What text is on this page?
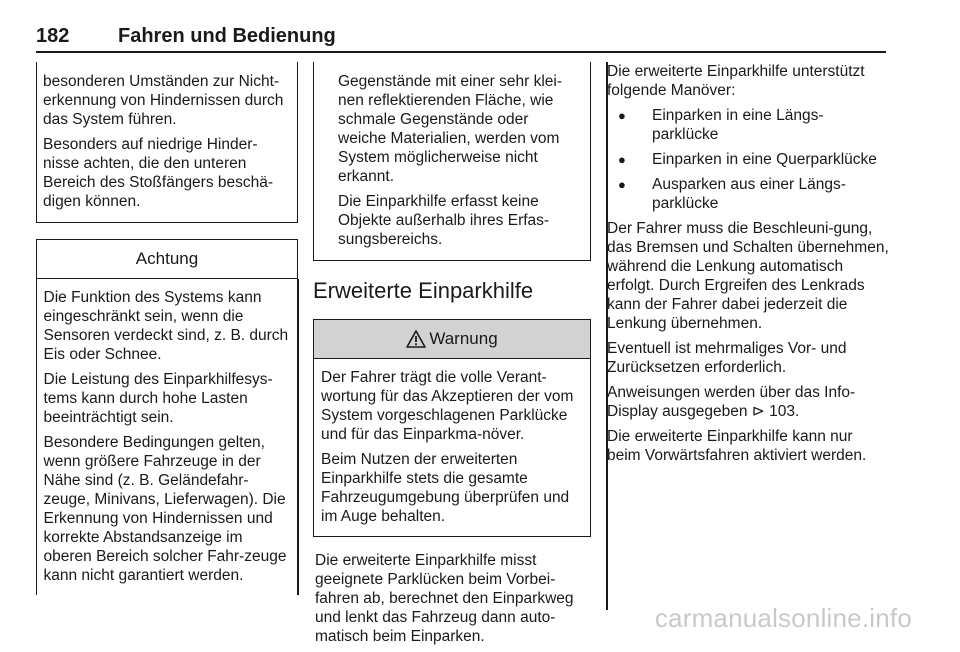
182 Fahren und Bedienung

besonderen Umständen zur Nicht-erkennung von Hindernissen durch das System führen.

Besonders auf niedrige Hinder-nisse achten, die den unteren Bereich des Stoßfängers beschä-digen können.

Achtung

Die Funktion des Systems kann eingeschränkt sein, wenn die Sensoren verdeckt sind, z. B. durch Eis oder Schnee.

Die Leistung des Einparkhilfesys-tems kann durch hohe Lasten beeinträchtigt sein.

Besondere Bedingungen gelten, wenn größere Fahrzeuge in der Nähe sind (z. B. Geländefahr-zeuge, Minivans, Lieferwagen). Die Erkennung von Hindernissen und korrekte Abstandsanzeige im oberen Bereich solcher Fahr-zeuge kann nicht garantiert werden.

Gegenstände mit einer sehr klei-nen reflektierenden Fläche, wie schmale Gegenstände oder weiche Materialien, werden vom System möglicherweise nicht erkannt.

Die Einparkhilfe erfasst keine Objekte außerhalb ihres Erfas-sungsbereichs.

Erweiterte Einparkhilfe
Warnung

Der Fahrer trägt die volle Verant-wortung für das Akzeptieren der vom System vorgeschlagenen Parklücke und für das Einparkma-növer.

Beim Nutzen der erweiterten Einparkhilfe stets die gesamte Fahrzeugumgebung überprüfen und im Auge behalten.

Die erweiterte Einparkhilfe misst geeignete Parklücken beim Vorbei-fahren ab, berechnet den Einparkweg und lenkt das Fahrzeug dann auto-matisch beim Einparken.

Die erweiterte Einparkhilfe unterstützt folgende Manöver:

● Einparken in eine Längs-parklücke
● Einparken in eine Querparklücke
● Ausparken aus einer Längs-parklücke

Der Fahrer muss die Beschleuni-gung, das Bremsen und Schalten übernehmen, während die Lenkung automatisch erfolgt. Durch Ergreifen des Lenkrads kann der Fahrer dabei jederzeit die Lenkung übernehmen.

Eventuell ist mehrmaliges Vor- und Zurücksetzen erforderlich.

Anweisungen werden über das Info-Display ausgegeben ⊳ 103.

Die erweiterte Einparkhilfe kann nur beim Vorwärtsfahren aktiviert werden.

carmanualsonline.info
